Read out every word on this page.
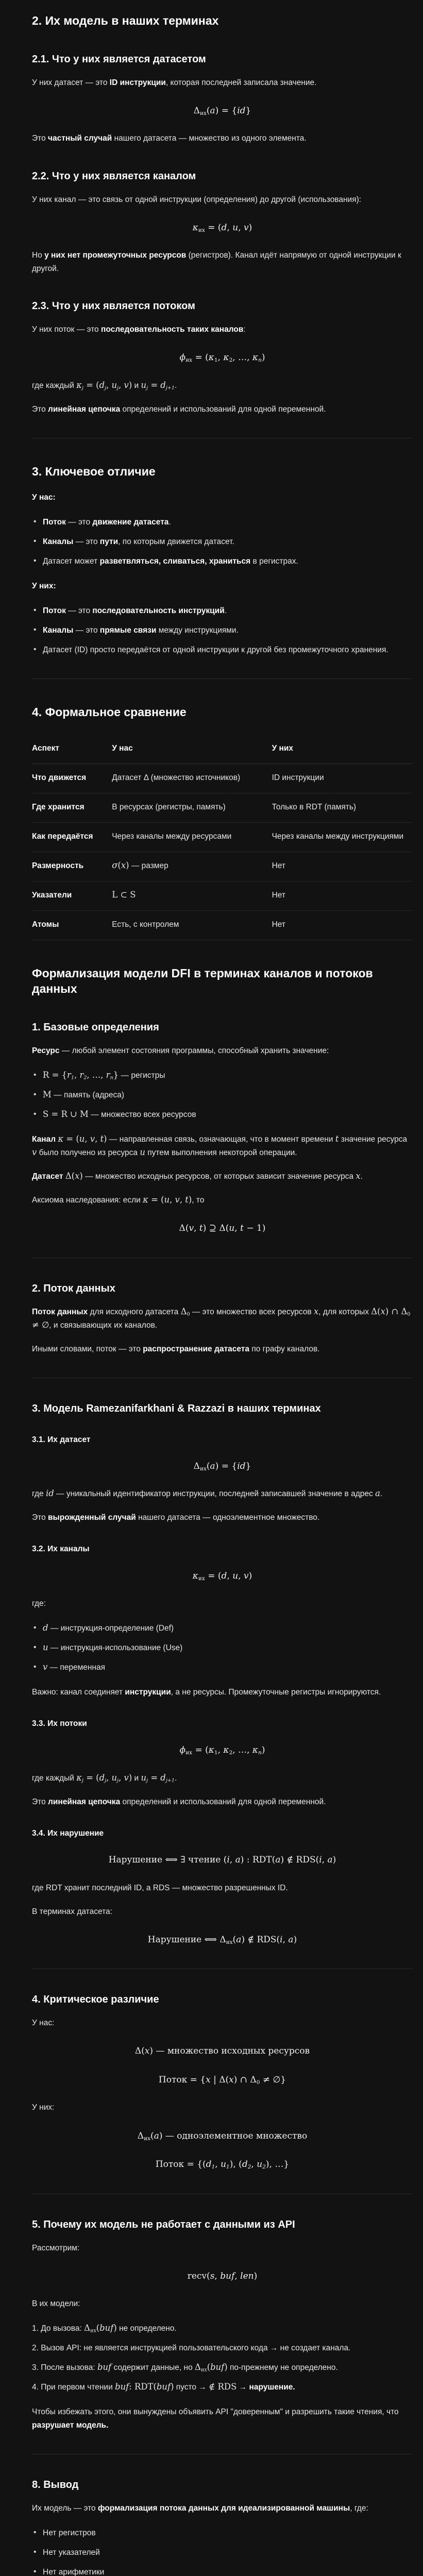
2. Их модель в наших терминах
2.1. Что у них является датасетом

У них датасет — это ID инструкции, которая последней записала значение.

Δих(a) = {id}

Это частный случай нашего датасета — множество из одного элемента.

2.2. Что у них является каналом

У них канал — это связь от одной инструкции (определения) до другой (использования):

κих = (d, u, v)

Но у них нет промежуточных ресурсов (регистров). Канал идёт напрямую от одной инструкции к другой.

2.3. Что у них является потоком

У них поток — это последовательность таких каналов:

ϕих = (κ1, κ2, …, κn)

где каждый κj = (dj, uj, v) и uj = dj+1.

Это линейная цепочка определений и использований для одной переменной.

3. Ключевое отличие

У нас:

• Поток — это движение датасета.
• Каналы — это пути, по которым движется датасет.
• Датасет может разветвляться, сливаться, храниться в регистрах.

У них:

• Поток — это последовательность инструкций.
• Каналы — это прямые связи между инструкциями.
• Датасет (ID) просто передаётся от одной инструкции к другой без промежуточного хранения.
4. Формальное сравнение
Аспект	У нас	У них
Что движется	Датасет Δ (множество источников)	ID инструкции
Где хранится	В ресурсах (регистры, память)	Только в RDT (память)
Как передаётся	Через каналы между ресурсами	Через каналы между инструкциями
Размерность	σ(x) — размер	Нет
Указатели	L ⊂ S	Нет
Атомы	Есть, с контролем	Нет
Формализация модели DFI в терминах каналов и потоков данных
1. Базовые определения

Ресурс — любой элемент состояния программы, способный хранить значение:

• R = {r1, r2, …, rn} — регистры
• M — память (адреса)
• S = R ∪ M — множество всех ресурсов

Канал κ = (u, v, t) — направленная связь, означающая, что в момент времени t значение ресурса v было получено из ресурса u путем выполнения некоторой операции.

Датасет Δ(x) — множество исходных ресурсов, от которых зависит значение ресурса x.

Аксиома наследования: если κ = (u, v, t), то

Δ(v, t) ⊇ Δ(u, t − 1)
2. Поток данных

Поток данных для исходного датасета Δ0 — это множество всех ресурсов x, для которых Δ(x) ∩ Δ0 ≠ ∅, и связывающих их каналов.

Иными словами, поток — это распространение датасета по графу каналов.

3. Модель Ramezanifarkhani & Razzazi в наших терминах
3.1. Их датасет
Δих(a) = {id}

где id — уникальный идентификатор инструкции, последней записавшей значение в адрес a.

Это вырожденный случай нашего датасета — одноэлементное множество.

3.2. Их каналы
κих = (d, u, v)

где:

• d — инструкция-определение (Def)
• u — инструкция-использование (Use)
• v — переменная

Важно: канал соединяет инструкции, а не ресурсы. Промежуточные регистры игнорируются.

3.3. Их потоки
ϕих = (κ1, κ2, …, κn)

где каждый κj = (dj, uj, v) и uj = dj+1.

Это линейная цепочка определений и использований для одной переменной.

3.4. Их нарушение
Нарушение ⟺ ∃ чтение (i, a) : RDT(a) ∉ RDS(i, a)

где RDT хранит последний ID, а RDS — множество разрешенных ID.

В терминах датасета:

Нарушение ⟺ Δих(a) ∉ RDS(i, a)
4. Критическое различие

У нас:

Δ(x) — множество исходных ресурсов
Поток = {x | Δ(x) ∩ Δ0 ≠ ∅}

У них:

Δих(a) — одноэлементное множество
Поток = {(d1, u1), (d2, u2), …}
5. Почему их модель не работает с данными из API

Рассмотрим:

recv(s, buf, len)

В их модели:

До вызова: Δих(buf) не определено.
Вызов API: не является инструкцией пользовательского кода → не создает канала.
После вызова: buf содержит данные, но Δих(buf) по-прежнему не определено.
При первом чтении buf: RDT(buf) пусто → ∉ RDS → нарушение.

Чтобы избежать этого, они вынуждены объявить API "доверенным" и разрешить такие чтения, что разрушает модель.

8. Вывод

Их модель — это формализация потока данных для идеализированной машины, где:

• Нет регистров
• Нет указателей
• Нет арифметики
